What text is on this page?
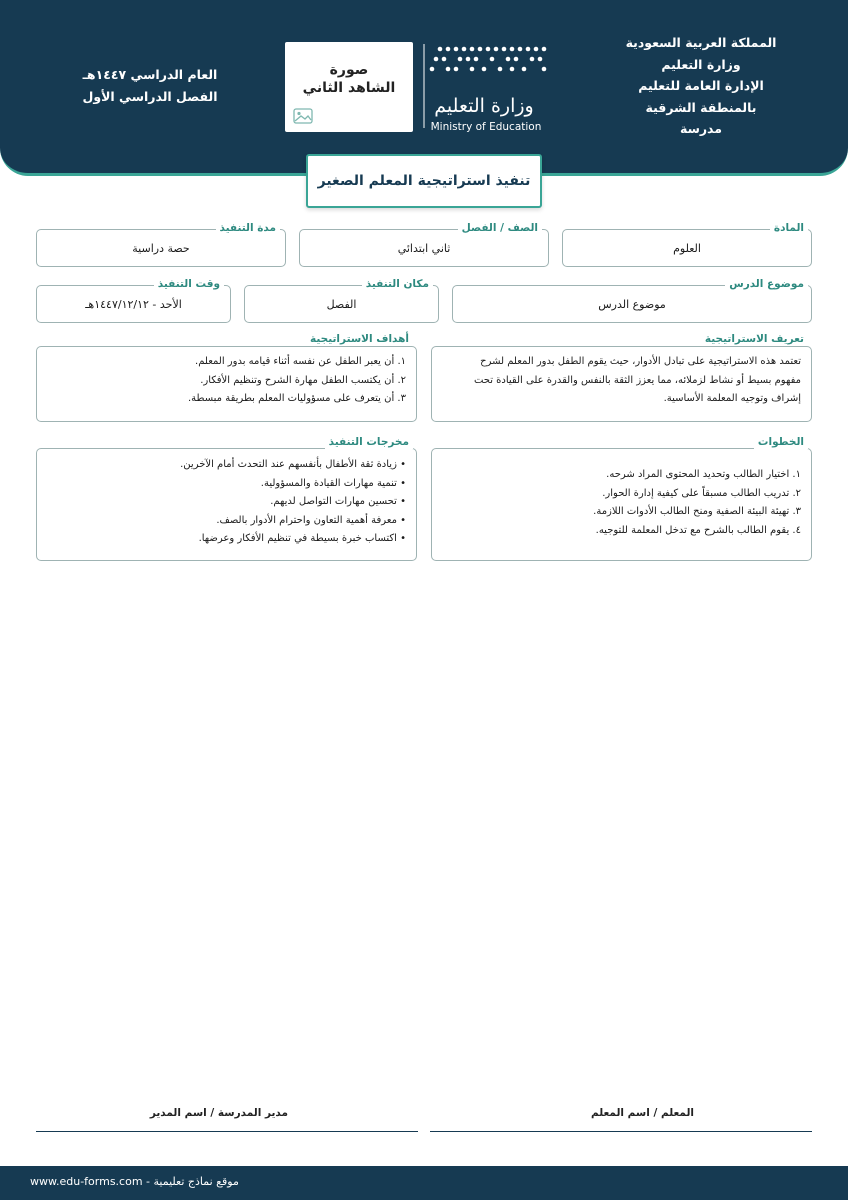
المملكة العربية السعودية
وزارة التعليم
الإدارة العامة للتعليم
بالمنطقة الشرقية
مدرسة
وزارة التعليم
Ministry of Education
صورة
الشاهد الثاني
العام الدراسي ١٤٤٧هـ
الفصل الدراسي الأول
تنفيذ استراتيجية المعلم الصغير
العلوم
المادة
ثاني ابتدائي
الصف / الفصل
حصة دراسية
مدة التنفيذ
موضوع الدرس
موضوع الدرس
الفصل
مكان التنفيذ
الأحد - ١٤٤٧/١٢/١٢هـ
وقت التنفيذ
تعتمد هذه الاستراتيجية على تبادل الأدوار، حيث يقوم الطفل بدور المعلم لشرح
مفهوم بسيط أو نشاط لزملائه، مما يعزز الثقة بالنفس والقدرة على القيادة تحت
إشراف وتوجيه المعلمة الأساسية.
تعريف الاستراتيجية
١. أن يعبر الطفل عن نفسه أثناء قيامه بدور المعلم.
٢. أن يكتسب الطفل مهارة الشرح وتنظيم الأفكار.
٣. أن يتعرف على مسؤوليات المعلم بطريقة مبسطة.
أهداف الاستراتيجية
١. اختيار الطالب وتحديد المحتوى المراد شرحه.
٢. تدريب الطالب مسبقاً على كيفية إدارة الحوار.
٣. تهيئة البيئة الصفية ومنح الطالب الأدوات اللازمة.
٤. يقوم الطالب بالشرح مع تدخل المعلمة للتوجيه.
الخطوات
• زيادة ثقة الأطفال بأنفسهم عند التحدث أمام الآخرين.
• تنمية مهارات القيادة والمسؤولية.
• تحسين مهارات التواصل لديهم.
• معرفة أهمية التعاون واحترام الأدوار بالصف.
• اكتساب خبرة بسيطة في تنظيم الأفكار وعرضها.
مخرجات التنفيذ
المعلم / اسم المعلم
مدير المدرسة / اسم المدير
www.edu-forms.com - موقع نماذج تعليمية
